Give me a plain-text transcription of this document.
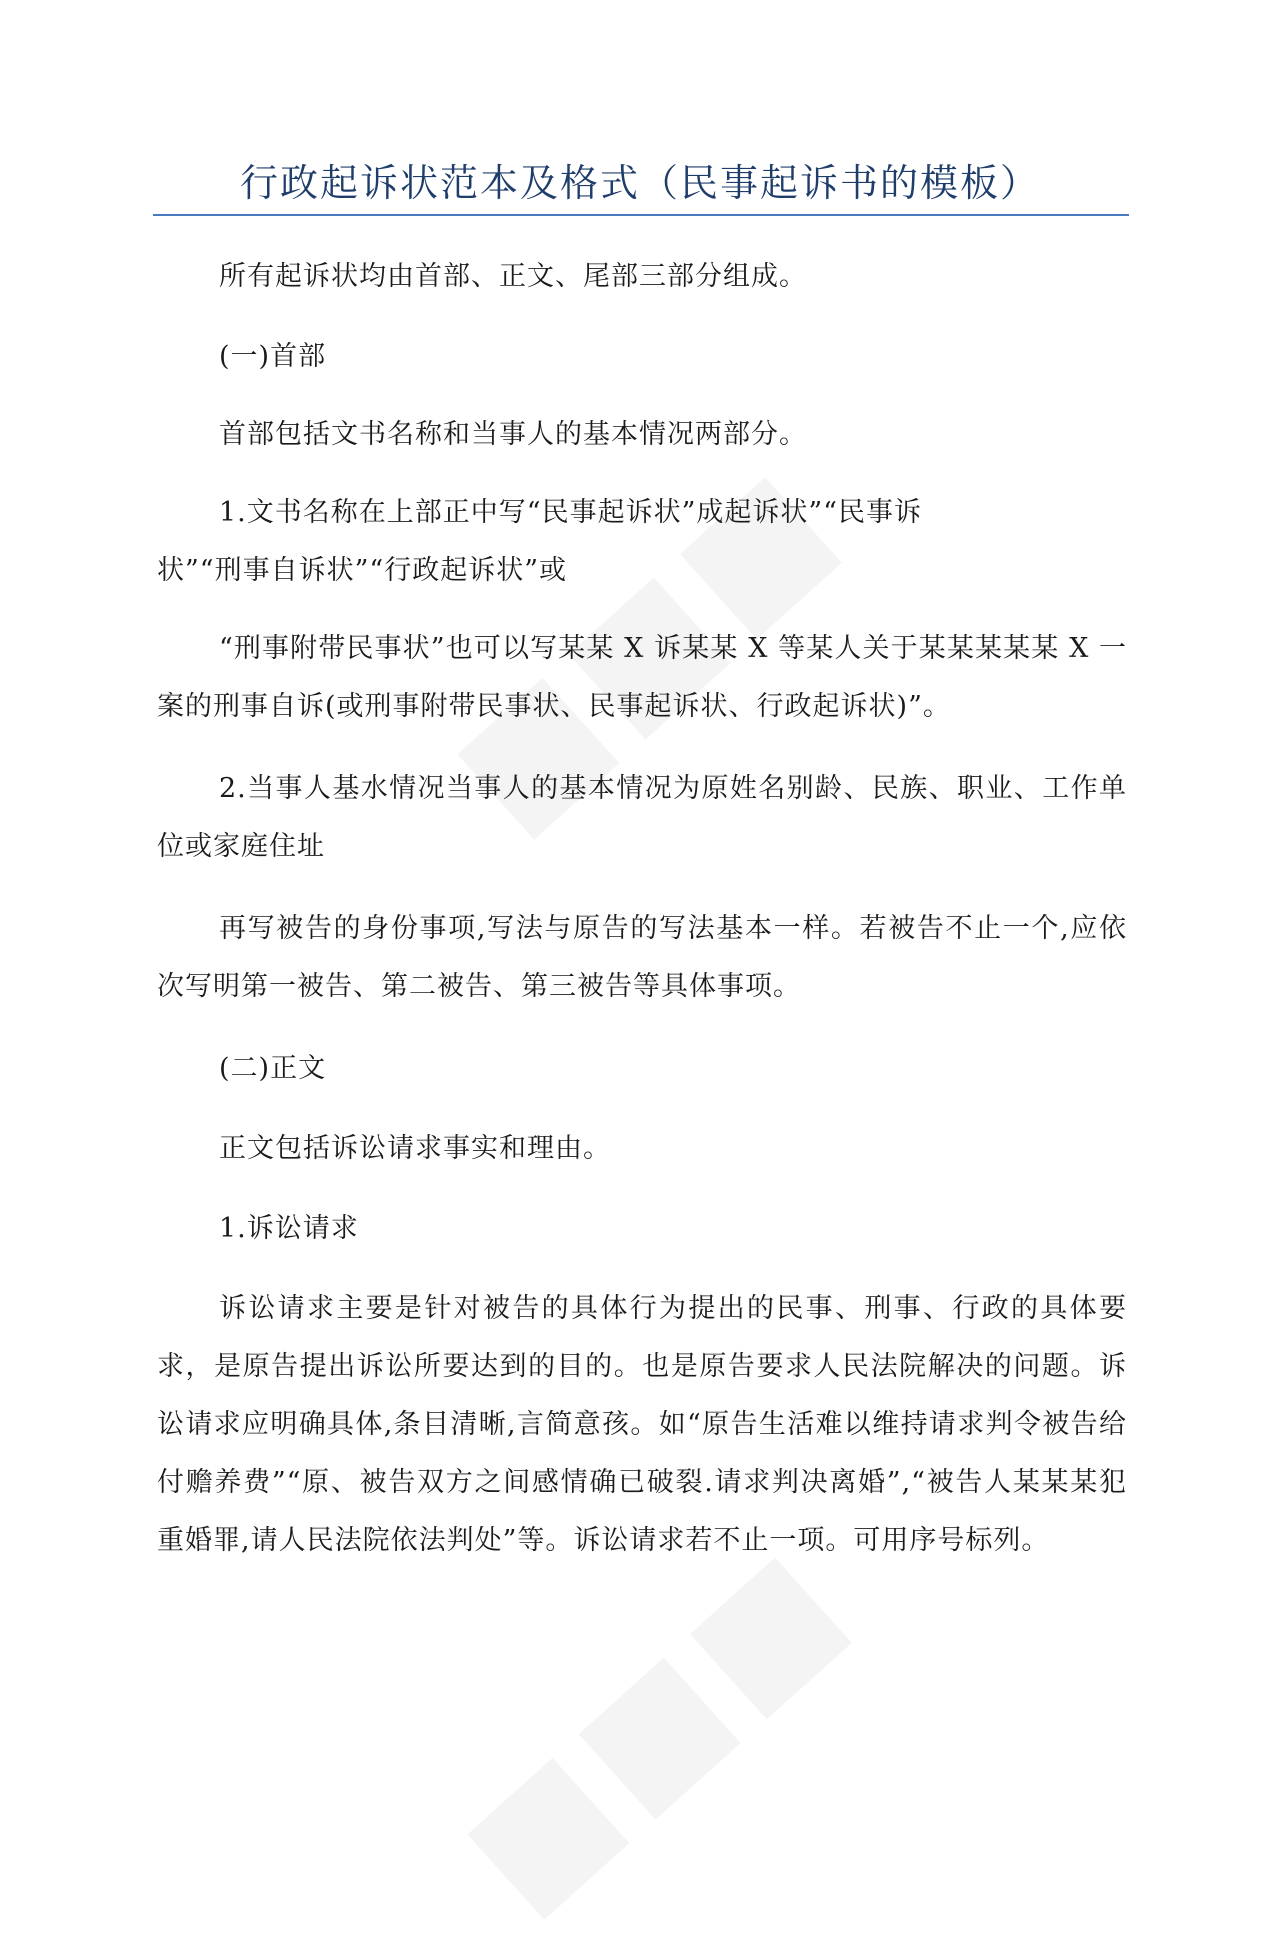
行政起诉状范本及格式（民事起诉书的模板）

所有起诉状均由首部、正文、尾部三部分组成。

(一)首部

首部包括文书名称和当事人的基本情况两部分。

1.文书名称在上部正中写“民事起诉状”成起诉状”“民事诉

状”“刑事自诉状”“行政起诉状”或

“刑事附带民事状”也可以写某某 X 诉某某 X 等某人关于某某某某某 X 一案的刑事自诉(或刑事附带民事状、民事起诉状、行政起诉状)”。

2.当事人基水情况当事人的基本情况为原姓名别龄、民族、职业、工作单位或家庭住址

再写被告的身份事项,写法与原告的写法基本一样。若被告不止一个,应依次写明第一被告、第二被告、第三被告等具体事项。

(二)正文

正文包括诉讼请求事实和理由。

1.诉讼请求

诉讼请求主要是针对被告的具体行为提出的民事、刑事、行政的具体要求，是原告提出诉讼所要达到的目的。也是原告要求人民法院解决的问题。诉讼请求应明确具体,条目清晰,言简意孩。如“原告生活难以维持请求判令被告给付赡养费”“原、被告双方之间感情确已破裂.请求判决离婚”,“被告人某某某犯重婚罪,请人民法院依法判处”等。诉讼请求若不止一项。可用序号标列。
